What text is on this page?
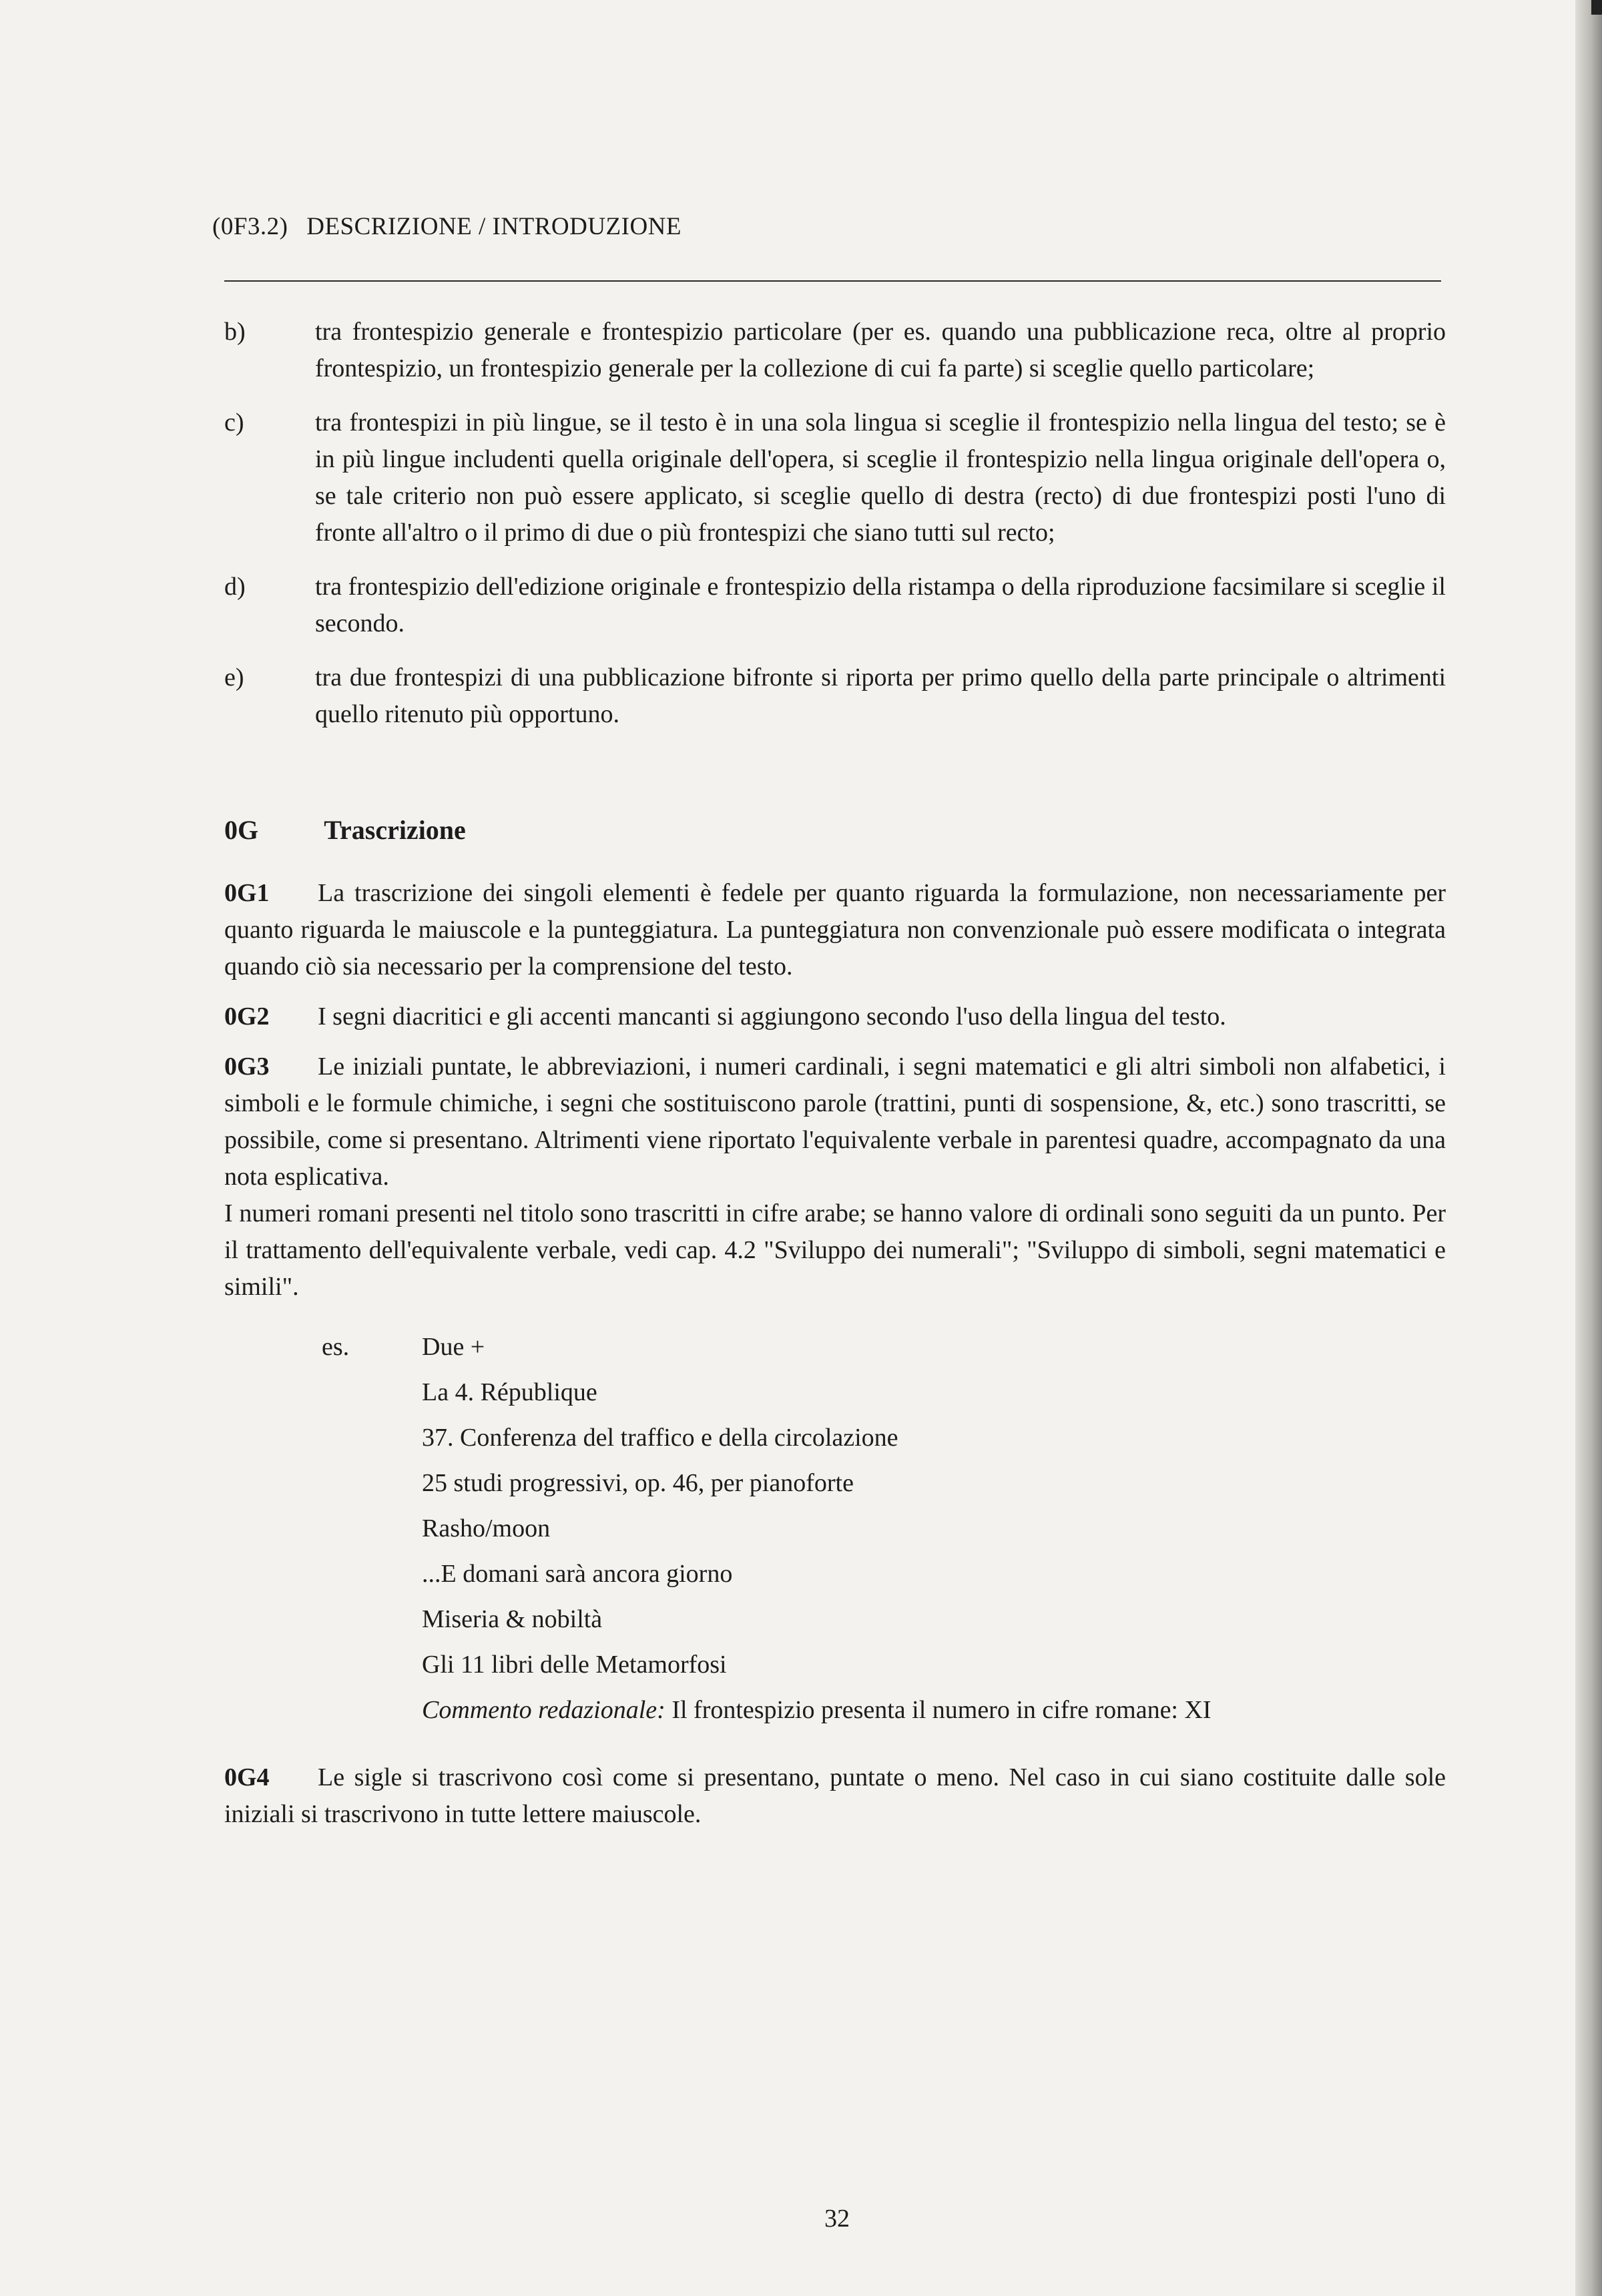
(0F3.2) DESCRIZIONE / INTRODUZIONE
b)	tra frontespizio generale e frontespizio particolare (per es. quando una pubblicazione reca, oltre al proprio frontespizio, un frontespizio generale per la collezione di cui fa parte) si sceglie quello particolare;
c)	tra frontespizi in più lingue, se il testo è in una sola lingua si sceglie il frontespizio nella lingua del testo; se è in più lingue includenti quella originale dell'opera, si sceglie il frontespizio nella lingua originale dell'opera o, se tale criterio non può essere applicato, si sceglie quello di destra (recto) di due frontespizi posti l'uno di fronte all'altro o il primo di due o più frontespizi che siano tutti sul recto;
d)	tra frontespizio dell'edizione originale e frontespizio della ristampa o della riproduzione facsimilare si sceglie il secondo.
e)	tra due frontespizi di una pubblicazione bifronte si riporta per primo quello della parte principale o altrimenti quello ritenuto più opportuno.
0G Trascrizione
0G1 La trascrizione dei singoli elementi è fedele per quanto riguarda la formulazione, non necessariamente per quanto riguarda le maiuscole e la punteggiatura. La punteggiatura non convenzionale può essere modificata o integrata quando ciò sia necessario per la comprensione del testo.
0G2 I segni diacritici e gli accenti mancanti si aggiungono secondo l'uso della lingua del testo.
0G3 Le iniziali puntate, le abbreviazioni, i numeri cardinali, i segni matematici e gli altri simboli non alfabetici, i simboli e le formule chimiche, i segni che sostituiscono parole (trattini, punti di sospensione, &, etc.) sono trascritti, se possibile, come si presentano. Altrimenti viene riportato l'equivalente verbale in parentesi quadre, accompagnato da una nota esplicativa.
I numeri romani presenti nel titolo sono trascritti in cifre arabe; se hanno valore di ordinali sono seguiti da un punto. Per il trattamento dell'equivalente verbale, vedi cap. 4.2 "Sviluppo dei numerali"; "Sviluppo di simboli, segni matematici e simili".
es.	Due +
La 4. République
37. Conferenza del traffico e della circolazione
25 studi progressivi, op. 46, per pianoforte
Rasho/moon
...E domani sarà ancora giorno
Miseria & nobiltà
Gli 11 libri delle Metamorfosi
Commento redazionale: Il frontespizio presenta il numero in cifre romane: XI
0G4 Le sigle si trascrivono così come si presentano, puntate o meno. Nel caso in cui siano costituite dalle sole iniziali si trascrivono in tutte lettere maiuscole.
32
